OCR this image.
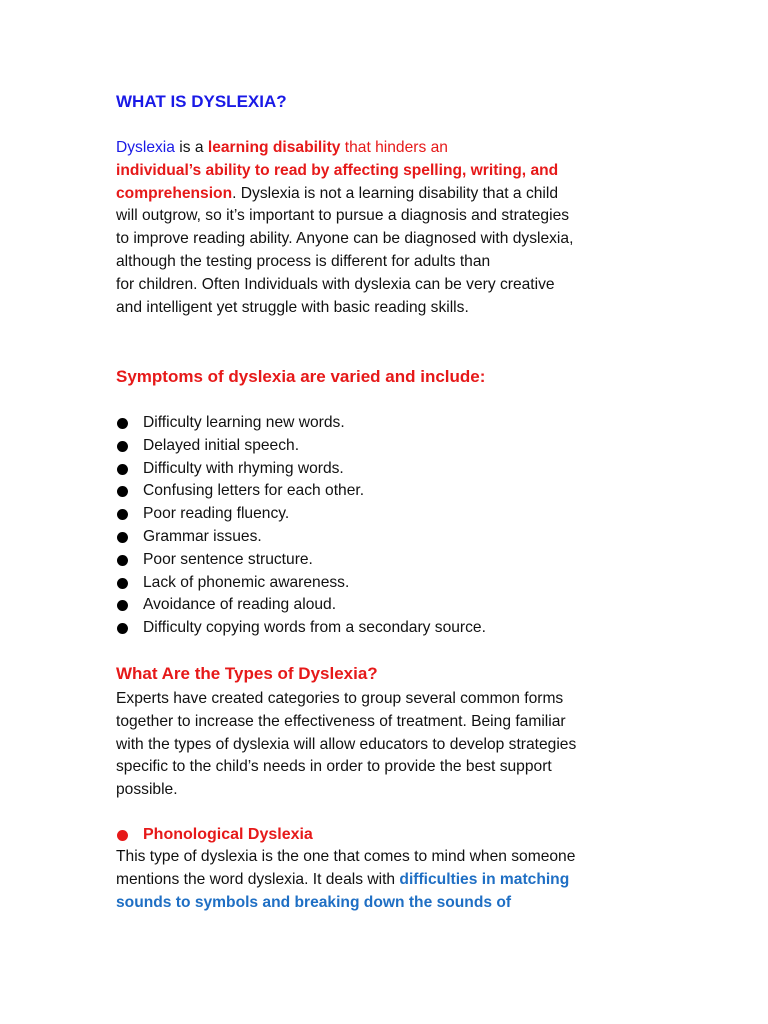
WHAT IS DYSLEXIA?

Dyslexia is a learning disability that hinders an
individual’s ability to read by affecting spelling, writing, and
comprehension. Dyslexia is not a learning disability that a child
will outgrow, so it’s important to pursue a diagnosis and strategies
to improve reading ability. Anyone can be diagnosed with dyslexia,
although the testing process is different for adults than
for children. Often Individuals with dyslexia can be very creative
and intelligent yet struggle with basic reading skills.

Symptoms of dyslexia are varied and include:
Difficulty learning new words.
Delayed initial speech.
Difficulty with rhyming words.
Confusing letters for each other.
Poor reading fluency.
Grammar issues.
Poor sentence structure.
Lack of phonemic awareness.
Avoidance of reading aloud.
Difficulty copying words from a secondary source.
What Are the Types of Dyslexia?

Experts have created categories to group several common forms
together to increase the effectiveness of treatment. Being familiar
with the types of dyslexia will allow educators to develop strategies
specific to the child’s needs in order to provide the best support
possible.

Phonological Dyslexia

This type of dyslexia is the one that comes to mind when someone
mentions the word dyslexia. It deals with difficulties in matching
sounds to symbols and breaking down the sounds of
